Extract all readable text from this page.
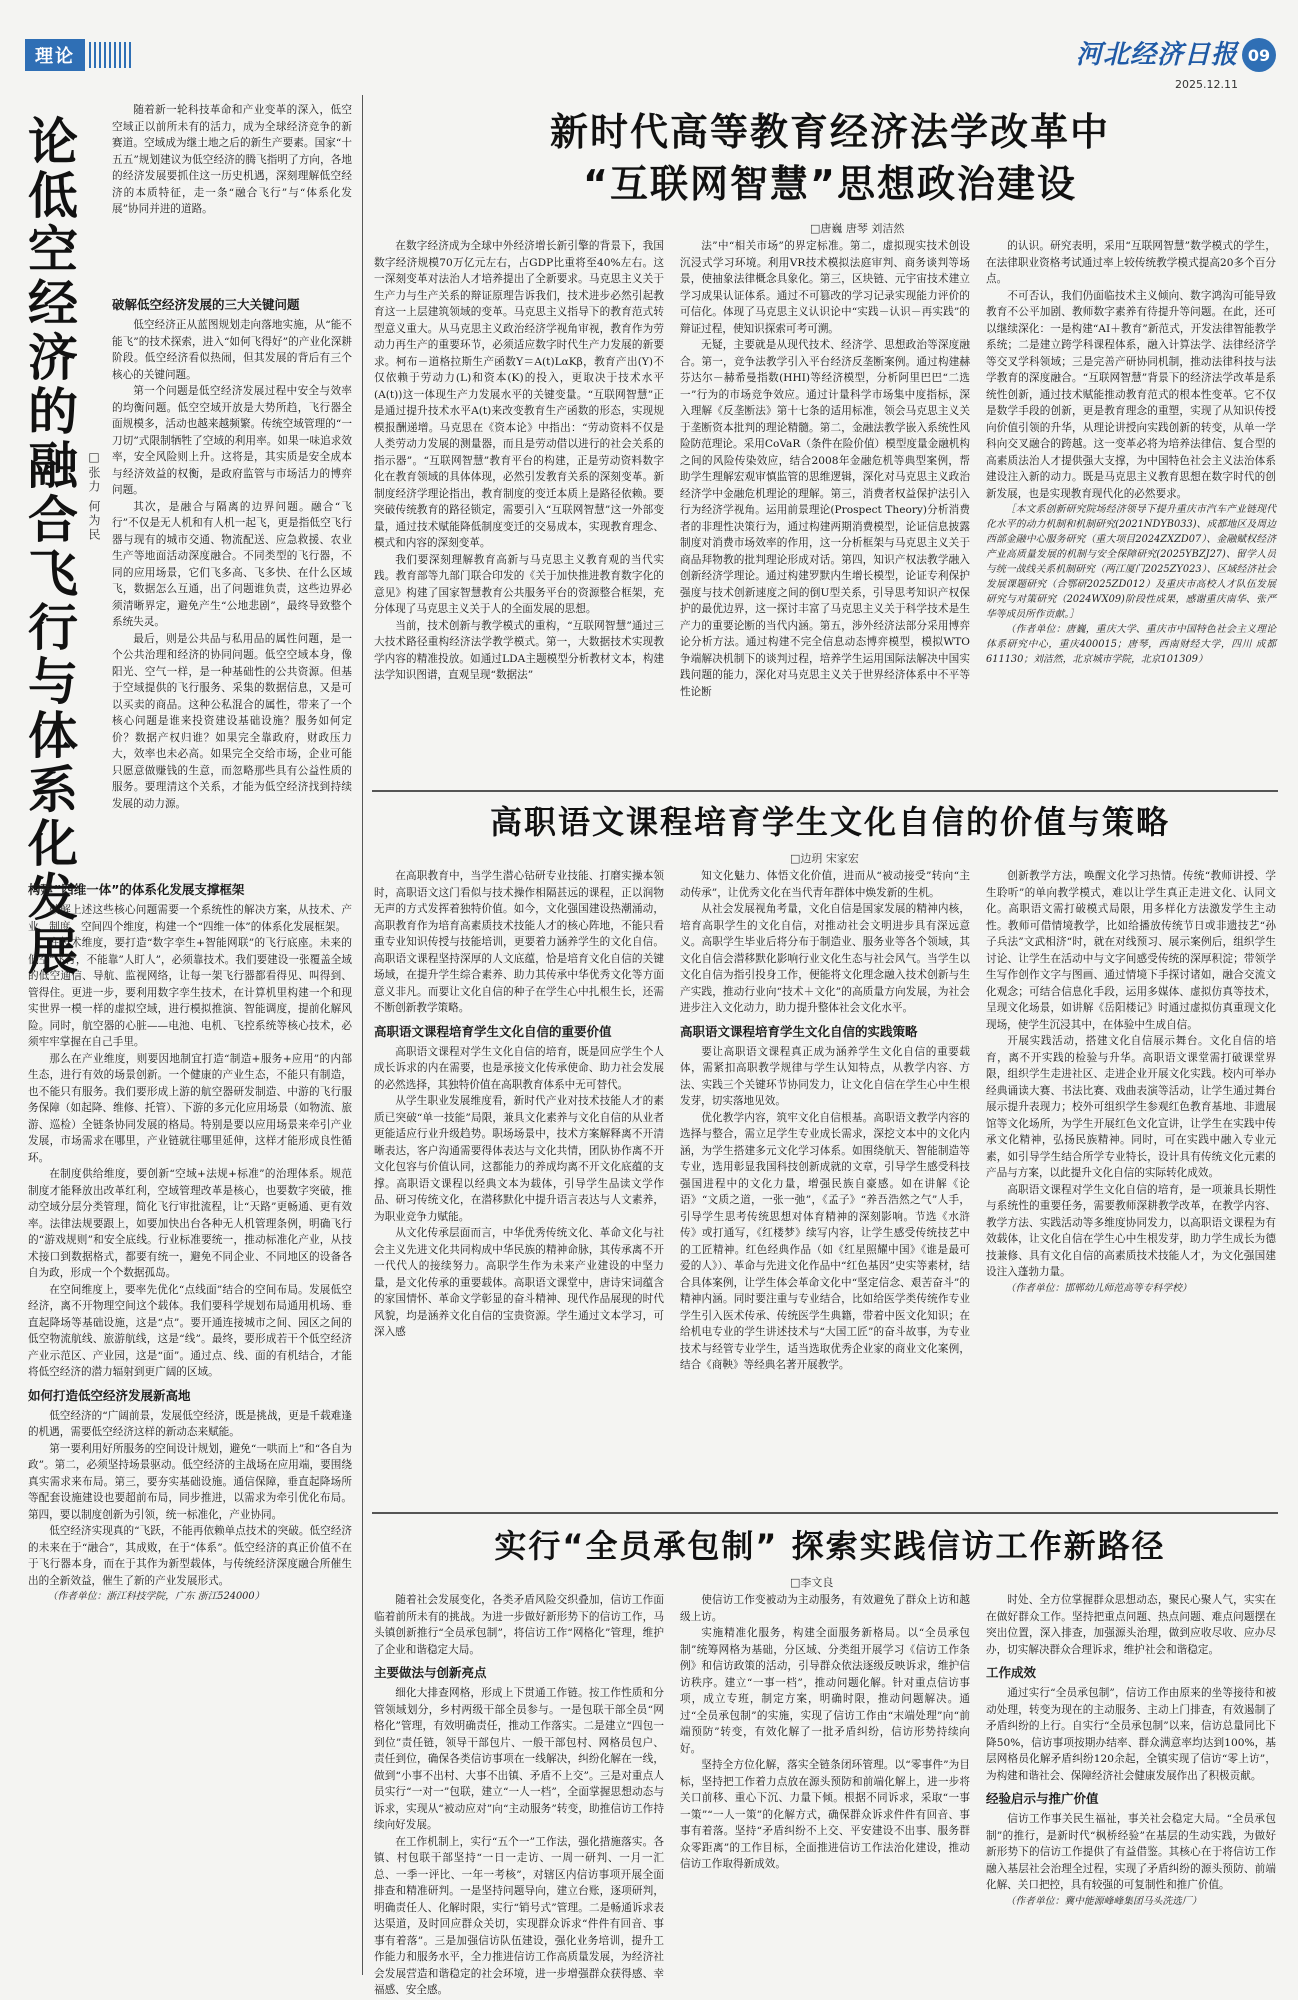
理论	河北经济日报 09
2025.12.11
论低空经济的融合飞行与体系化发展 □张力 何为民

随着新一轮科技革命和产业变革的深入，低空空域正以前所未有的活力，成为全球经济竞争的新赛道。空域成为继土地之后的新生产要素。国家“十五五”规划建议为低空经济的腾飞指明了方向，各地的经济发展要抓住这一历史机遇，深刻理解低空经济的本质特征，走一条“融合飞行”与“体系化发展”协同并进的道路。

破解低空经济发展的三大关键问题

低空经济正从蓝图规划走向落地实施，从“能不能飞”的技术探索，进入“如何飞得好”的产业化深耕阶段。低空经济看似热闹，但其发展的背后有三个核心的关键问题。

第一个问题是低空经济发展过程中安全与效率的均衡问题。低空空域开放是大势所趋，飞行器全面规模多，活动也越来越频繁。传统空域管理的“一刀切”式限制牺牲了空域的利用率。如果一味追求效率，安全风险则上升。这将是，其实质是安全成本与经济效益的权衡，是政府监管与市场活力的博弈问题。

其次，是融合与隔离的边界问题。融合“飞行”不仅是无人机和有人机一起飞，更是指低空飞行器与现有的城市交通、物流配送、应急救援、农业生产等地面活动深度融合。不同类型的飞行器，不同的应用场景，它们飞多高、飞多快、在什么区域飞，数据怎么互通，出了问题谁负责，这些边界必须清晰界定，避免产生“公地悲剧”，最终导致整个系统失灵。

最后，则是公共品与私用品的属性问题，是一个公共治理和经济的协同问题。低空空域本身，像阳光、空气一样，是一种基础性的公共资源。但基于空域提供的飞行服务、采集的数据信息，又是可以买卖的商品。这种公私混合的属性，带来了一个核心问题是谁来投资建设基础设施？服务如何定价？数据产权归谁？如果完全靠政府，财政压力大，效率也未必高。如果完全交给市场，企业可能只愿意做赚钱的生意，而忽略那些具有公益性质的服务。要理清这个关系，才能为低空经济找到持续发展的动力源。

构建“四维一体”的体系化发展支撑框架

破解上述这些核心问题需要一个系统性的解决方案，从技术、产业、制度、空间四个维度，构建一个“四维一体”的体系化发展框架。

在技术维度，要打造“数字孪生+智能网联”的飞行底座。未来的低空“飞行，不能靠”人盯人”，必须靠技术。我们要建设一张覆盖全域的低空通信、导航、监视网络，让每一架飞行器都看得见、叫得到、管得住。更进一步，要利用数字孪生技术，在计算机里构建一个和现实世界一模一样的虚拟空域，进行模拟推演、智能调度，提前化解风险。同时，航空器的心脏——电池、电机、飞控系统等核心技术，必须牢牢掌握在自己手里。

那么在产业维度，则要因地制宜打造“制造+服务+应用”的内部生态，进行有效的场景创新。一个健康的产业生态，不能只有制造，也不能只有服务。我们要形成上游的航空器研发制造、中游的飞行服务保障（如起降、维修、托管）、下游的多元化应用场景（如物流、旅游、巡检）全链条协同发展的格局。特别是要以应用场景来牵引产业发展，市场需求在哪里，产业链就往哪里延伸，这样才能形成良性循环。

在制度供给维度，要创新“空域+法规+标准”的治理体系。规范制度才能释放出改革红利，空域管理改革是核心，也要数字突破，推动空域分层分类管理，简化飞行审批流程，让“天路”更畅通、更有效率。法律法规要跟上，如要加快出台各种无人机管理条例，明确飞行的“游戏规则”和安全底线。行业标准要统一，推动标准化产业，从技术接口到数据格式，都要有统一，避免不同企业、不同地区的设备各自为政，形成一个个数据孤岛。

在空间维度上，要率先优化“点线面”结合的空间布局。发展低空经济，离不开物理空间这个载体。我们要科学规划布局通用机场、垂直起降场等基础设施，这是“点”。要开通连接城市之间、园区之间的低空物流航线、旅游航线，这是“线”。最终，要形成若干个低空经济产业示范区、产业园，这是“面”。通过点、线、面的有机结合，才能将低空经济的潜力辐射到更广阔的区域。

如何打造低空经济发展新高地

低空经济的“广阔前景，发展低空经济，既是挑战，更是千载难逢的机遇，需要低空经济这样的新动态来赋能。

第一要利用好所服务的空间设计规划，避免“一哄而上”和“各自为政”。第二，必须坚持场景驱动。低空经济的主战场在应用端，要围绕真实需求来布局。第三，要夯实基础设施。通信保障，垂直起降场所等配套设施建设也要超前布局，同步推进，以需求为牵引优化布局。第四，要以制度创新为引领，统一标准化，产业协同。

低空经济实现真的“飞跃，不能再依赖单点技术的突破。低空经济的未来在于“融合”，其成败，在于“体系”。低空经济的真正价值不在于飞行器本身，而在于其作为新型载体，与传统经济深度融合所催生出的全新效益，催生了新的产业发展形式。

（作者单位：浙江科技学院，广东 浙江524000）

新时代高等教育经济法学改革中
“互联网智慧”思想政治建设
□唐巍 唐琴 刘洁然

在数字经济成为全球中外经济增长新引擎的背景下，我国数字经济规模70万亿元左右，占GDP比重将至40%左右。这一深刻变革对法治人才培养提出了全新要求。马克思主义关于生产力与生产关系的辩证原理告诉我们，技术进步必然引起教育这一上层建筑领域的变革。马克思主义指导下的教育范式转型意义重大。从马克思主义政治经济学视角审视，教育作为劳动力再生产的重要环节，必须适应数字时代生产力发展的新要求。柯布－道格拉斯生产函数Y＝A(t)LαKβ，教育产出(Y)不仅依赖于劳动力(L)和资本(K)的投入，更取决于技术水平(A(t))这一体现生产力发展水平的关键变量。“互联网智慧”正是通过提升技术水平A(t)来改变教育生产函数的形态，实现规模报酬递增。马克思在《资本论》中指出：“劳动资料不仅是人类劳动力发展的测量器，而且是劳动借以进行的社会关系的指示器”。“互联网智慧”教育平台的构建，正是劳动资料数字化在教育领域的具体体现，必然引发教育关系的深刻变革。新制度经济学理论指出，教育制度的变迁本质上是路径依赖。要突破传统教育的路径锁定，需要引入“互联网智慧”这一外部变量，通过技术赋能降低制度变迁的交易成本，实现教育理念、模式和内容的深刻变革。

我们要深刻理解教育高新与马克思主义教育观的当代实践。教育部等九部门联合印发的《关于加快推进教育数字化的意见》构建了国家智慧教育公共服务平台的资源整合框架，充分体现了马克思主义关于人的全面发展的思想。

当前，技术创新与教学模式的重构，“互联网智慧”通过三大技术路径重构经济法学教学模式。第一，大数据技术实现教学内容的精准投放。如通过LDA主题模型分析教材文本，构建法学知识图谱，直观呈现“数据法”

法”中“相关市场”的界定标准。第二，虚拟现实技术创设沉浸式学习环境。利用VR技术模拟法庭审判、商务谈判等场景，使抽象法律概念具象化。第三，区块链、元宇宙技术建立学习成果认证体系。通过不可篡改的学习记录实现能力评价的可信化。体现了马克思主义认识论中“实践－认识－再实践”的辩证过程，使知识探索可考可溯。

无疑，主要就是从现代技术、经济学、思想政治等深度融合。第一，竞争法教学引入平台经济反垄断案例。通过构建赫芬达尔－赫希曼指数(HHI)等经济模型，分析阿里巴巴“二选一”行为的市场竞争效应。通过计量科学市场集中度指标，深入理解《反垄断法》第十七条的适用标准，领会马克思主义关于垄断资本批判的理论精髓。第二，金融法教学嵌入系统性风险防范理论。采用CoVaR（条件在险价值）模型度量金融机构之间的风险传染效应，结合2008年金融危机等典型案例，帮助学生理解宏观审慎监管的思维逻辑，深化对马克思主义政治经济学中金融危机理论的理解。第三，消费者权益保护法引入行为经济学视角。运用前景理论(Prospect Theory)分析消费者的非理性决策行为，通过构建两期消费模型，论证信息披露制度对消费市场效率的作用，这一分析框架与马克思主义关于商品拜物教的批判理论形成对话。第四，知识产权法教学融入创新经济学理论。通过构建罗默内生增长模型，论证专利保护强度与技术创新速度之间的倒U型关系，引导思考知识产权保护的最优边界，这一探讨丰富了马克思主义关于科学技术是生产力的重要论断的当代内涵。第五，涉外经济法部分采用博弈论分析方法。通过构建不完全信息动态博弈模型，模拟WTO争端解决机制下的谈判过程，培养学生运用国际法解决中国实践问题的能力，深化对马克思主义关于世界经济体系中不平等性论断

的认识。研究表明，采用“互联网智慧”数学模式的学生，在法律职业资格考试通过率上较传统教学模式提高20多个百分点。

不可否认，我们仍面临技术主义倾向、数字鸿沟可能导致教育不公平加剧、教师数字素养有待提升等问题。在此，还可以继续深化：一是构建“AI＋教育”新范式，开发法律智能教学系统；二是建立跨学科课程体系，融入计算法学、法律经济学等交叉学科领域；三是完善产研协同机制，推动法律科技与法学教育的深度融合。“互联网智慧”背景下的经济法学改革是系统性创新，通过技术赋能推动教育范式的根本性变革。它不仅是数学手段的创新，更是教育理念的重塑，实现了从知识传授向价值引领的升华，从理论讲授向实践创新的转变，从单一学科向交叉融合的跨越。这一变革必将为培养法律信、复合型的高素质法治人才提供强大支撑，为中国特色社会主义法治体系建设注入新的动力。既是马克思主义教育思想在数字时代的创新发展，也是实现教育现代化的必然要求。

［本文系创新研究院场经济领导下提升重庆市汽车产业链现代化水平的动力机制和机制研究(2021NDYB033)、成都地区及周边西部金融中心服务研究（重大项目2024ZXZD07）、金融赋权经济产业高质量发展的机制与安全保障研究(2025YBZJ27)、留学人员与统一战线关系机制研究（两江厦门2025ZY023）、区域经济社会发展课题研究（合鄂研2025ZD012）及重庆市高校人才队伍发展研究与对策研究（2024WX09)阶段性成果，感谢重庆南华、张严华等成员所作贡献。］

（作者单位：唐巍，重庆大学、重庆市中国特色社会主义理论体系研究中心，重庆400015；唐琴，西南财经大学，四川 成都611130；刘洁然，北京城市学院，北京101309）

高职语文课程培育学生文化自信的价值与策略
□边玥 宋家宏

在高职教育中，当学生潜心钻研专业技能、打磨实操本领时，高职语文这门看似与技术操作相隔甚远的课程，正以润物无声的方式发挥着独特价值。如今，文化强国建设热潮涌动，高职教育作为培育高素质技术技能人才的核心阵地，不能只看重专业知识传授与技能培训，更要着力涵养学生的文化自信。高职语文课程坚持深厚的人文底蕴，恰是培育文化自信的关键场域，在提升学生综合素养、助力其传承中华优秀文化等方面意义非凡。而要让文化自信的种子在学生心中扎根生长，还需不断创新教学策略。

高职语文课程培育学生文化自信的重要价值

高职语文课程对学生文化自信的培育，既是回应学生个人成长诉求的内在需要，也是承接文化传承使命、助力社会发展的必然选择，其独特价值在高职教育体系中无可替代。

从学生职业发展维度看，新时代产业对技术技能人才的素质已突破“单一技能”局限，兼具文化素养与文化自信的从业者更能适应行业升级趋势。职场场景中，技术方案解释离不开清晰表达，客户沟通需要得体表达与文化共情，团队协作离不开文化包容与价值认同，这都能力的养成均离不开文化底蕴的支撑。高职语文课程以经典文本为载体，引导学生品读文学作品、研习传统文化，在潜移默化中提升语言表达与人文素养，为职业竞争力赋能。

从文化传承层面而言，中华优秀传统文化、革命文化与社会主义先进文化共同构成中华民族的精神命脉，其传承离不开一代代人的接续努力。高职学生作为未来产业建设的中坚力量，是文化传承的重要载体。高职语文课堂中，唐诗宋词蕴含的家国情怀、革命文学彰显的奋斗精神、现代作品展现的时代风貌，均是涵养文化自信的宝贵资源。学生通过文本学习，可深入感

知文化魅力、体悟文化价值，进而从“被动接受”转向“主动传承”，让优秀文化在当代青年群体中焕发新的生机。

从社会发展视角考量，文化自信是国家发展的精神内核，培育高职学生的文化自信，对推动社会文明进步具有深远意义。高职学生毕业后将分布于制造业、服务业等各个领域，其文化自信会潜移默化影响行业文化生态与社会风气。当学生以文化自信为指引投身工作，便能将文化理念融入技术创新与生产实践，推动行业向“技术＋文化”的高质量方向发展，为社会进步注入文化动力，助力提升整体社会文化水平。

高职语文课程培育学生文化自信的实践策略

要让高职语文课程真正成为涵养学生文化自信的重要载体，需紧扣高职教学规律与学生认知特点，从教学内容、方法、实践三个关键环节协同发力，让文化自信在学生心中生根发芽，切实落地见效。

优化教学内容，筑牢文化自信根基。高职语文教学内容的选择与整合，需立足学生专业成长需求，深挖文本中的文化内涵，为学生搭建多元文化学习体系。如围绕航天、智能制造等专业，选用彰显我国科技创新成就的文章，引导学生感受科技强国进程中的文化力量，增强民族自豪感。如在讲解《论语》“文质之道，一张一弛”，《孟子》“养吾浩然之气”人手，引导学生思考传统思想对体育精神的深刻影响。节选《水浒传》或打通写，《红楼梦》续写内容，让学生感受传统技艺中的工匠精神。红色经典作品（如《红星照耀中国》《谁是最可爱的人》）、革命与先进文化作品中“红色基因”史实等素材，结合具体案例，让学生体会革命文化中“坚定信念、艰苦奋斗”的精神内涵。同时要注重与专业结合，比如给医学类传统作专业学生引入医术传承、传统医学生典籍，带着中医文化知识；在给机电专业的学生讲述技术与“大国工匠”的奋斗故事，为专业技术与经管专业学生，适当选取优秀企业家的商业文化案例，结合《商鞅》等经典名著开展教学。

创新教学方法，唤醒文化学习热情。传统“教师讲授、学生聆听”的单向教学模式，难以让学生真正走进文化、认同文化。高职语文需打破模式局限，用多样化方法激发学生主动性。教师可借情境教学，比如给播放传统节日或非遗技艺“孙子兵法”文武相济“时，就在对线预习、展示案例后，组织学生讨论、让学生在活动中与文字间感受传统的深厚积淀；带领学生写作创作文字与图画、通过情境下手探讨诸如，融合交流文化观念；可结合信息化手段，运用多媒体、虚拟仿真等技术，呈现文化场景，如讲解《岳阳楼记》时通过虚拟仿真重现文化现场，使学生沉浸其中，在体验中生成自信。

开展实践活动，搭建文化自信展示舞台。文化自信的培育，离不开实践的检验与升华。高职语文课堂需打破课堂界限，组织学生走进社区、走进企业开展文化实践。校内可举办经典诵读大赛、书法比赛、戏曲表演等活动，让学生通过舞台展示提升表现力；校外可组织学生参观红色教育基地、非遗展馆等文化场所，为学生开展红色文化宣讲，让学生在实践中传承文化精神，弘扬民族精神。同时，可在实践中融入专业元素，如引导学生结合所学专业特长，设计具有传统文化元素的产品与方案，以此提升文化自信的实际转化成效。

高职语文课程对学生文化自信的培育，是一项兼具长期性与系统性的重要任务，需要教师深耕教学改革，在教学内容、教学方法、实践活动等多维度协同发力，以高职语文课程为有效载体，让文化自信在学生心中生根发芽，助力学生成长为德技兼修、具有文化自信的高素质技术技能人才，为文化强国建设注入蓬勃力量。

（作者单位：邯郸幼儿师范高等专科学校）

实行“全员承包制” 探索实践信访工作新路径
□李文良

随着社会发展变化，各类矛盾风险交织叠加，信访工作面临着前所未有的挑战。为进一步做好新形势下的信访工作，马头镇创新推行“全员承包制”，将信访工作“网格化”管理，维护了企业和谐稳定大局。

主要做法与创新亮点

细化大排查网格，形成上下贯通工作链。按工作性质和分管领域划分，乡村两级干部全员参与。一是包联干部全员“网格化”管理，有效明确责任，推动工作落实。二是建立“四包一到位”责任链，领导干部包片、一般干部包村、网格员包户、责任到位，确保各类信访事项在一线解决，纠纷化解在一线，做到“小事不出村、大事不出镇、矛盾不上交”。三是对重点人员实行“一对一”包联，建立“一人一档”，全面掌握思想动态与诉求，实现从“被动应对”向“主动服务”转变，助推信访工作持续向好发展。

在工作机制上，实行“五个一”工作法，强化措施落实。各镇、村包联干部坚持“一日一走访、一周一研判、一月一汇总、一季一评比、一年一考核”，对辖区内信访事项开展全面排查和精准研判。一是坚持问题导向，建立台账，逐项研判，明确责任人、化解时限，实行“销号式”管理。二是畅通诉求表达渠道，及时回应群众关切，实现群众诉求“件件有回音、事事有着落”。三是加强信访队伍建设，强化业务培训，提升工作能力和服务水平，全力推进信访工作高质量发展，为经济社会发展营造和谐稳定的社会环境，进一步增强群众获得感、幸福感、安全感。

使信访工作变被动为主动服务，有效避免了群众上访和越级上访。

实施精准化服务，构建全面服务新格局。以“全员承包制”统筹网格为基础，分区域、分类组开展学习《信访工作条例》和信访政策的活动，引导群众依法逐级反映诉求，维护信访秩序。建立“一事一档”，推动问题化解。针对重点信访事项，成立专班，制定方案，明确时限，推动问题解决。通过“全员承包制”的实施，实现了信访工作由“末端处理”向“前端预防”转变，有效化解了一批矛盾纠纷，信访形势持续向好。

坚持全方位化解，落实全链条闭环管理。以“零事件”为目标，坚持把工作着力点放在源头预防和前端化解上，进一步将关口前移、重心下沉、力量下倾。根据不同诉求，采取“一事一策”“一人一策”的化解方式，确保群众诉求件件有回音、事事有着落。坚持“矛盾纠纷不上交、平安建设不出事、服务群众零距离”的工作目标，全面推进信访工作法治化建设，推动信访工作取得新成效。

时处、全方位掌握群众思想动态，聚民心聚人气，实实在在做好群众工作。坚持把重点问题、热点问题、难点问题摆在突出位置，深入排查，加强源头治理，做到应收尽收、应办尽办，切实解决群众合理诉求，维护社会和谐稳定。

工作成效

通过实行“全员承包制”，信访工作由原来的坐等接待和被动处理，转变为现在的主动服务、主动上门排查，有效遏制了矛盾纠纷的上行。自实行“全员承包制”以来，信访总量同比下降50%，信访事项按期办结率、群众满意率均达到100%，基层网格员化解矛盾纠纷120余起，全镇实现了信访“零上访”，为构建和谐社会、保障经济社会健康发展作出了积极贡献。

经验启示与推广价值

信访工作事关民生福祉，事关社会稳定大局。“全员承包制”的推行，是新时代“枫桥经验”在基层的生动实践，为做好新形势下的信访工作提供了有益借鉴。其核心在于将信访工作融入基层社会治理全过程，实现了矛盾纠纷的源头预防、前端化解、关口把控，具有较强的可复制性和推广价值。

（作者单位：冀中能源峰峰集团马头洗选厂）
